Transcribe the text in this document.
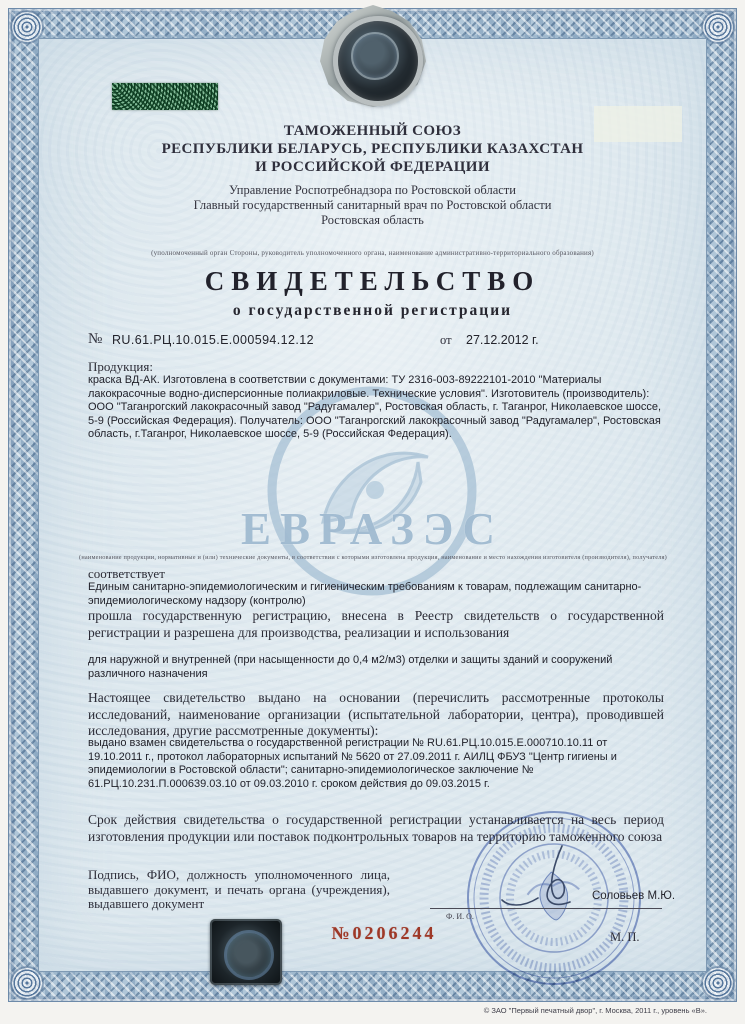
ЕВРАЗЭС
ТАМОЖЕННЫЙ СОЮЗ
РЕСПУБЛИКИ БЕЛАРУСЬ, РЕСПУБЛИКИ КАЗАХСТАН
И РОССИЙСКОЙ ФЕДЕРАЦИИ
Управление Роспотребнадзора по Ростовской области
Главный государственный санитарный врач по Ростовской области
Ростовская область
(уполномоченный орган Стороны, руководитель уполномоченного органа, наименование административно-территориального образования)
СВИДЕТЕЛЬСТВО
о государственной регистрации
№ RU.61.РЦ.10.015.Е.000594.12.12	от 27.12.2012 г.
Продукция:
краска ВД-АК. Изготовлена в соответствии с документами: ТУ 2316-003-89222101-2010 "Материалы лакокрасочные водно-дисперсионные полиакриловые. Технические условия". Изготовитель (производитель): ООО "Таганрогский лакокрасочный завод "Радугамалер", Ростовская область, г. Таганрог, Николаевское шоссе, 5-9 (Российская Федерация). Получатель: ООО "Таганрогский лакокрасочный завод "Радугамалер", Ростовская область, г.Таганрог, Николаевское шоссе, 5-9 (Российская Федерация).
(наименование продукции, нормативные и (или) технические документы, в соответствии с которыми изготовлена продукция, наименование и место нахождения изготовителя (производителя), получателя)
соответствует
Единым санитарно-эпидемиологическим и гигиеническим требованиям к товарам, подлежащим санитарно-эпидемиологическому надзору (контролю)
прошла государственную регистрацию, внесена в Реестр свидетельств о государственной регистрации и разрешена для производства, реализации и использования
для наружной и внутренней (при насыщенности до 0,4 м2/м3) отделки и защиты зданий и сооружений различного назначения
Настоящее свидетельство выдано на основании (перечислить рассмотренные протоколы исследований, наименование организации (испытательной лаборатории, центра), проводившей исследования, другие рассмотренные документы):
выдано взамен свидетельства о государственной регистрации № RU.61.РЦ.10.015.Е.000710.10.11 от 19.10.2011 г., протокол лабораторных испытаний № 5620 от 27.09.2011 г. АИЛЦ ФБУЗ "Центр гигиены и эпидемиологии в Ростовской области"; санитарно-эпидемиологическое заключение № 61.РЦ.10.231.П.000639.03.10 от 09.03.2010 г. сроком действия до 09.03.2015 г.
Срок действия свидетельства о государственной регистрации устанавливается на весь период изготовления продукции или поставок подконтрольных товаров на территорию таможенного союза
Подпись, ФИО, должность уполномоченного лица, выдавшего документ, и печать органа (учреждения), выдавшего документ	Соловьев М.Ю.
Ф. И. О.
М. П.
№0206244
© ЗАО "Первый печатный двор", г. Москва, 2011 г., уровень «В».
